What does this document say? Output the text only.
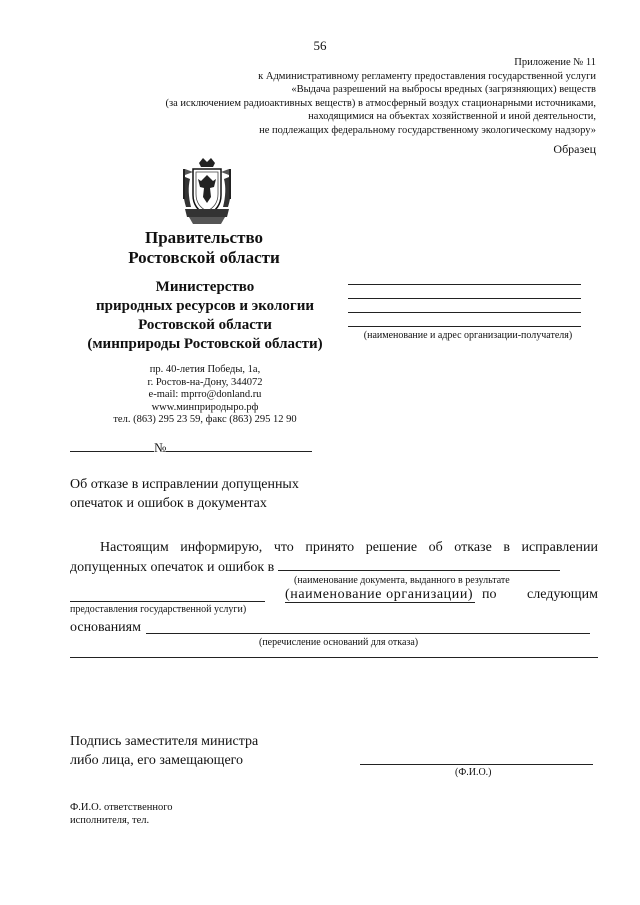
56
Приложение № 11
к Административному регламенту предоставления государственной услуги
«Выдача разрешений на выбросы вредных (загрязняющих) веществ
(за исключением радиоактивных веществ) в атмосферный воздух стационарными источниками,
находящимися на объектах хозяйственной и иной деятельности,
не подлежащих федеральному государственному экологическому надзору»
Образец
Правительство
Ростовской области
Министерство
природных ресурсов и экологии
Ростовской области
(минприроды Ростовской области)
пр. 40-летия Победы, 1а,
г. Ростов-на-Дону, 344072
e-mail: mprro@donland.ru
www.минприродыро.рф
тел. (863) 295 23 59, факс (863) 295 12 90
(наименование и адрес организации-получателя)
№
Об отказе в исправлении допущенных
опечаток и ошибок в документах
Настоящим информирую, что принято решение об отказе в исправлении
допущенных опечаток и ошибок в
(наименование документа, выданного в результате
(наименование организации) по следующим
предоставления государственной услуги)
основаниям
(перечисление оснований для отказа)
Подпись заместителя министра
либо лица, его замещающего
(Ф.И.О.)
Ф.И.О. ответственного
исполнителя, тел.
